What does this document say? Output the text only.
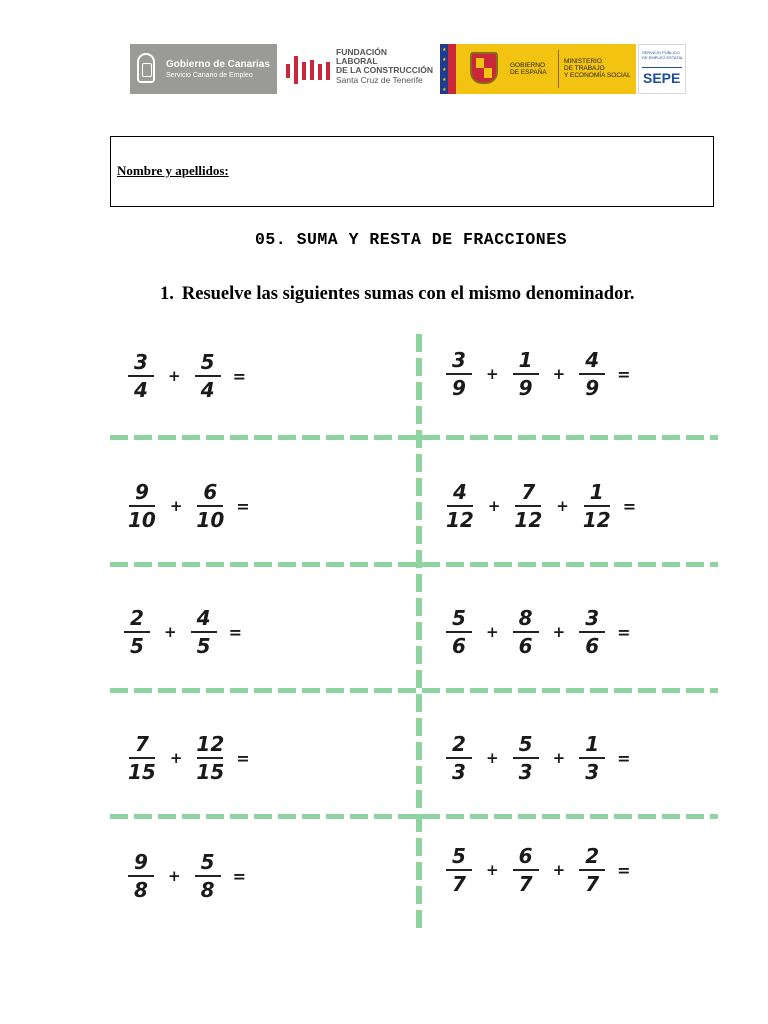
Gobierno de Canarias
Servicio Canario de Empleo
FUNDACIÓN
LABORAL
DE LA CONSTRUCCIÓN
Santa Cruz de Tenerife
★
★
★
★
★
GOBIERNO
DE ESPAÑA
MINISTERIO
DE TRABAJO
Y ECONOMÍA SOCIAL
SERVICIO PÚBLICO
DE EMPLEO ESTATAL
SEPE
Nombre y apellidos:
05. SUMA Y RESTA DE FRACCIONES
1. Resuelve las siguientes sumas con el mismo denominador.
$\frac{3}{4} + \frac{5}{4}$ =
$\frac{9}{10} + \frac{6}{10}$ =
$\frac{2}{5} + \frac{4}{5}$ =
$\frac{7}{15} + \frac{12}{15}$ =
$\frac{9}{8} + \frac{5}{8}$ =
$\frac{3}{9} + \frac{1}{9} + \frac{4}{9}$ =
$\frac{4}{12} + \frac{7}{12} + \frac{1}{12}$ =
$\frac{5}{6} + \frac{8}{6} + \frac{3}{6}$ =
$\frac{2}{3} + \frac{5}{3} + \frac{1}{3}$ =
$\frac{5}{7} + \frac{6}{7} + \frac{2}{7}$ =
